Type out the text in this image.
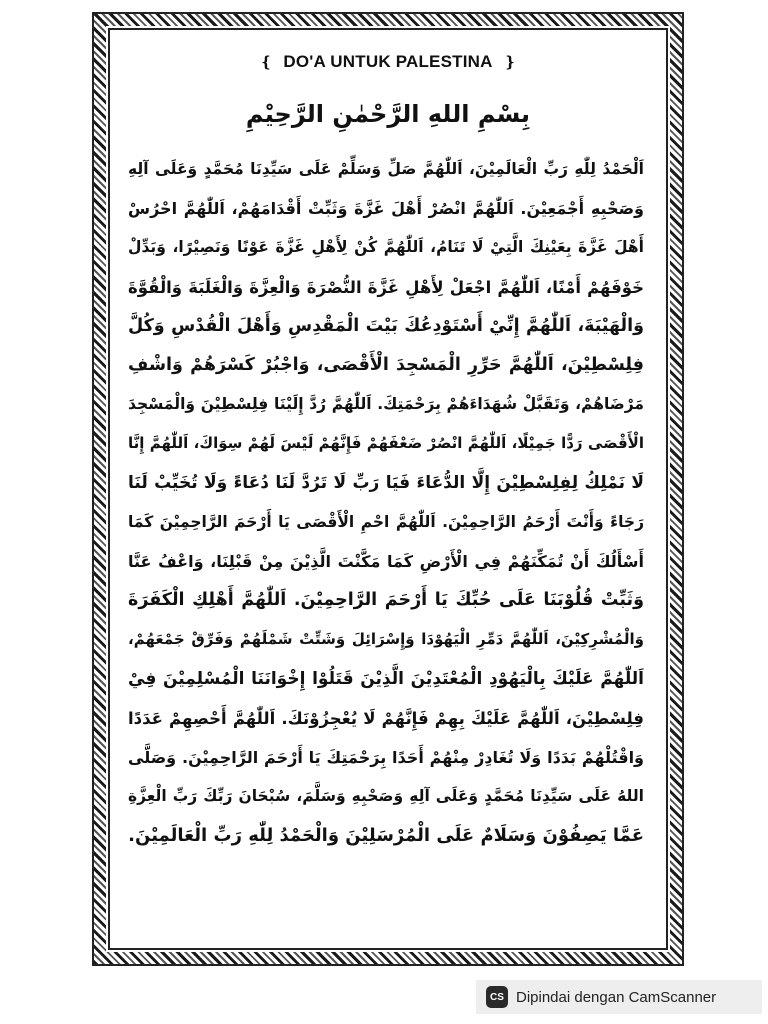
❴ DO'A UNTUK PALESTINA ❵
بِسْمِ اللهِ الرَّحْمٰنِ الرَّحِيْمِ
اَلْحَمْدُ لِلّٰهِ رَبِّ الْعَالَمِيْنَ، اَللّٰهُمَّ صَلِّ وَسَلِّمْ عَلَى سَيِّدِنَا مُحَمَّدٍ وَعَلَى آلِهِ
وَصَحْبِهِ أَجْمَعِيْنَ. اَللّٰهُمَّ انْصُرْ أَهْلَ غَزَّةَ وَثَبِّتْ أَقْدَامَهُمْ، اَللّٰهُمَّ احْرُسْ
أَهْلَ غَزَّةَ بِعَيْنِكَ الَّتِيْ لَا تَنَامُ، اَللّٰهُمَّ كُنْ لِأَهْلِ غَزَّةَ عَوْنًا وَنَصِيْرًا، وَبَدِّلْ
خَوْفَهُمْ أَمْنًا، اَللّٰهُمَّ اجْعَلْ لِأَهْلِ غَزَّةَ النُّصْرَةَ وَالْعِزَّةَ وَالْغَلَبَةَ وَالْقُوَّةَ
وَالْهَيْبَةَ، اَللّٰهُمَّ إِنِّيْ أَسْتَوْدِعُكَ بَيْتَ الْمَقْدِسِ وَأَهْلَ الْقُدْسِ وَكُلَّ
فِلِسْطِيْنَ، اَللّٰهُمَّ حَرِّرِ الْمَسْجِدَ الْأَقْصَى، وَاجْبُرْ كَسْرَهُمْ وَاشْفِ
مَرْضَاهُمْ، وَتَقَبَّلْ شُهَدَاءَهُمْ بِرَحْمَتِكَ. اَللّٰهُمَّ رُدَّ إِلَيْنَا فِلِسْطِيْنَ وَالْمَسْجِدَ
الْأَقْصَى رَدًّا جَمِيْلًا، اَللّٰهُمَّ انْصُرْ ضَعْفَهُمْ فَإِنَّهُمْ لَيْسَ لَهُمْ سِوَاكَ، اَللّٰهُمَّ إِنَّا
لَا نَمْلِكُ لِفِلِسْطِيْنَ إِلَّا الدُّعَاءَ فَيَا رَبِّ لَا تَرُدَّ لَنَا دُعَاءً وَلَا تُخَيِّبْ لَنَا
رَجَاءً وَأَنْتَ أَرْحَمُ الرَّاحِمِيْنَ. اَللّٰهُمَّ احْمِ الْأَقْصَى يَا أَرْحَمَ الرَّاحِمِيْنَ كَمَا
أَسْأَلُكَ أَنْ تُمَكِّنَهُمْ فِي الْأَرْضِ كَمَا مَكَّنْتَ الَّذِيْنَ مِنْ قَبْلِنَا، وَاعْفُ عَنَّا
وَثَبِّتْ قُلُوْبَنَا عَلَى حُبِّكَ يَا أَرْحَمَ الرَّاحِمِيْنَ. اَللّٰهُمَّ أَهْلِكِ الْكَفَرَةَ
وَالْمُشْرِكِيْنَ، اَللّٰهُمَّ دَمِّرِ الْيَهُوْدَا وَإِسْرَائِلَ وَشَتِّتْ شَمْلَهُمْ وَفَرِّقْ جَمْعَهُمْ،
اَللّٰهُمَّ عَلَيْكَ بِالْيَهُوْدِ الْمُعْتَدِيْنَ الَّذِيْنَ قَتَلُوْا إِخْوَانَنَا الْمُسْلِمِيْنَ فِيْ
فِلِسْطِيْنَ، اَللّٰهُمَّ عَلَيْكَ بِهِمْ فَإِنَّهُمْ لَا يُعْجِزُوْنَكَ. اَللّٰهُمَّ أَحْصِهِمْ عَدَدًا
وَاقْتُلْهُمْ بَدَدًا وَلَا تُغَادِرْ مِنْهُمْ أَحَدًا بِرَحْمَتِكَ يَا أَرْحَمَ الرَّاحِمِيْنَ. وَصَلَّى
اللهُ عَلَى سَيِّدِنَا مُحَمَّدٍ وَعَلَى آلِهِ وَصَحْبِهِ وَسَلَّمَ، سُبْحَانَ رَبِّكَ رَبِّ الْعِزَّةِ
عَمَّا يَصِفُوْنَ وَسَلَامٌ عَلَى الْمُرْسَلِيْنَ وَالْحَمْدُ لِلّٰهِ رَبِّ الْعَالَمِيْنَ.
CS Dipindai dengan CamScanner
